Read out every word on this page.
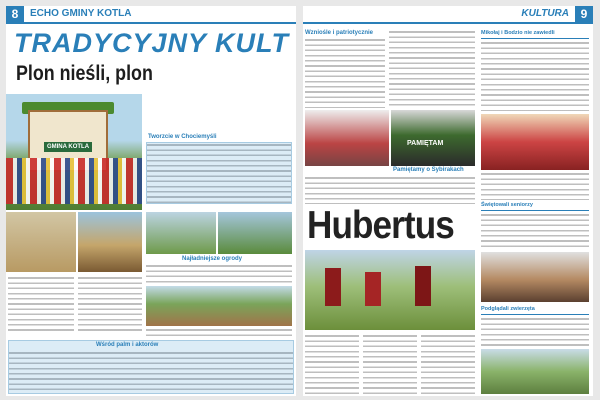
8	ECHO GMINY KOTLA
TRADYCYJNY KULT
Plon nieśli, plon
GMINA KOTLA
Tworzcie w Chociemyśli
Najładniejsze ogrody
Wśród palm i aktorów
KULTURA 9
Wzniośle i patriotycznie
PAMIĘTAM
Pamiętamy o Sybirakach
Hubertus
Mikołaj i Bodzio nie zawiedli
Świętowali seniorzy
Podglądali zwierzęta
